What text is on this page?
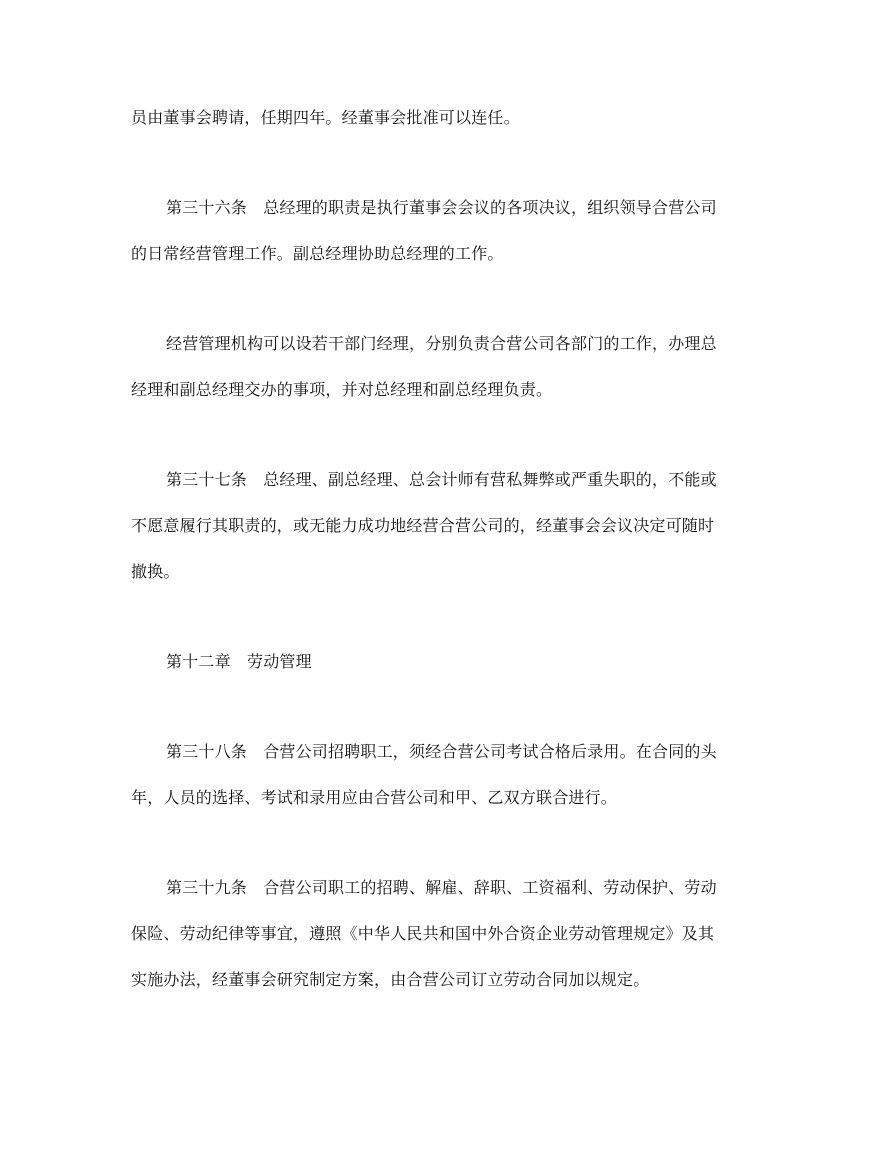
员由董事会聘请，任期四年。经董事会批准可以连任。
第三十六条　总经理的职责是执行董事会会议的各项决议，组织领导合营公司
的日常经营管理工作。副总经理协助总经理的工作。
经营管理机构可以设若干部门经理，分别负责合营公司各部门的工作，办理总
经理和副总经理交办的事项，并对总经理和副总经理负责。
第三十七条　总经理、副总经理、总会计师有营私舞弊或严重失职的，不能或
不愿意履行其职责的，或无能力成功地经营合营公司的，经董事会会议决定可随时
撤换。
第十二章　劳动管理
第三十八条　合营公司招聘职工，须经合营公司考试合格后录用。在合同的头
年，人员的选择、考试和录用应由合营公司和甲、乙双方联合进行。
第三十九条　合营公司职工的招聘、解雇、辞职、工资福利、劳动保护、劳动
保险、劳动纪律等事宜，遵照《中华人民共和国中外合资企业劳动管理规定》及其
实施办法，经董事会研究制定方案，由合营公司订立劳动合同加以规定。
